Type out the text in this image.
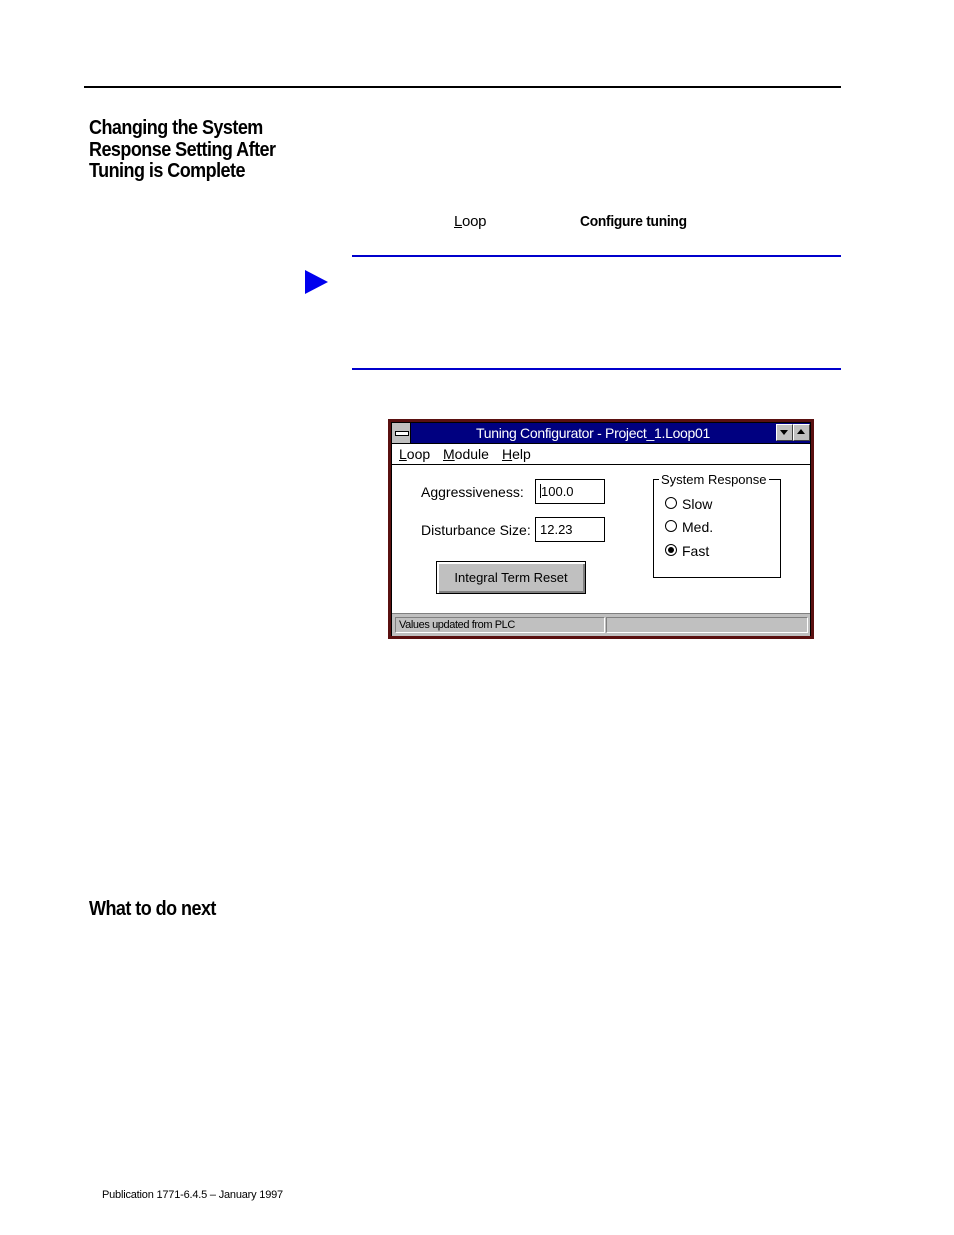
Changing the System
Response Setting After
Tuning is Complete
Loop	Configure tuning
Tuning Configurator - Project_1.Loop01
Loop Module Help
Aggressiveness:	100.0
Disturbance Size: 12.23
Integral Term Reset
System Response
Slow
Med.
Fast
Values updated from PLC
What to do next
Publication 1771-6.4.5 – January 1997
